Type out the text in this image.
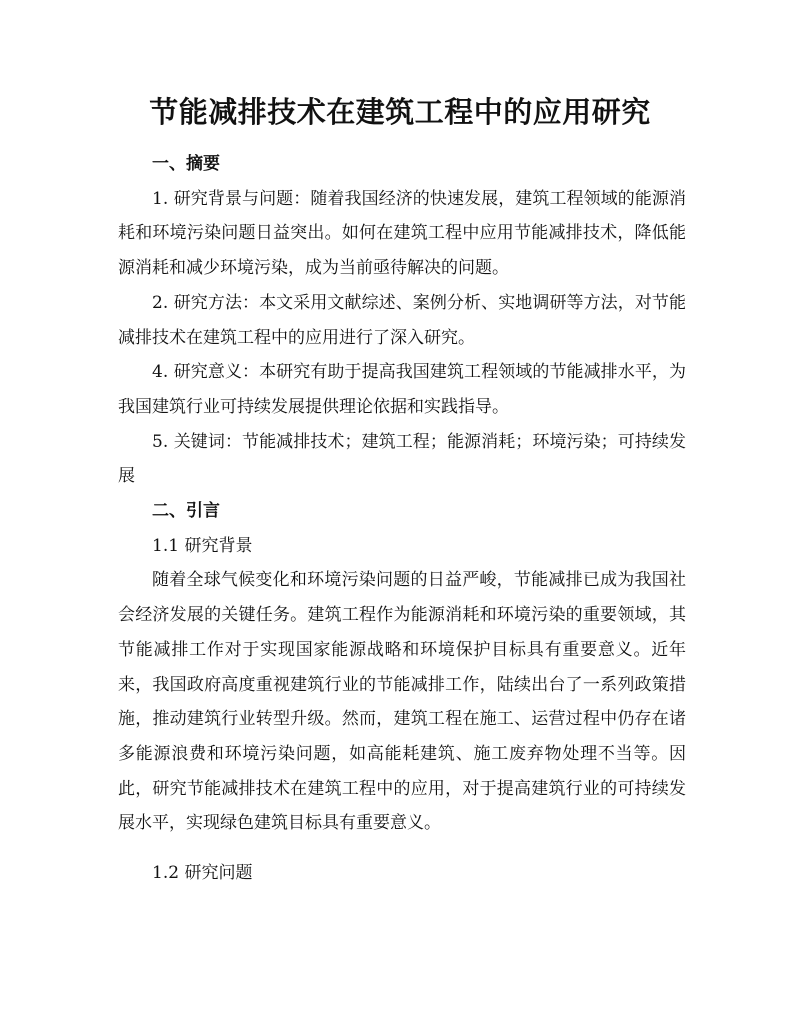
节能减排技术在建筑工程中的应用研究

一、摘要

1. 研究背景与问题：随着我国经济的快速发展，建筑工程领域的能源消耗和环境污染问题日益突出。如何在建筑工程中应用节能减排技术，降低能源消耗和减少环境污染，成为当前亟待解决的问题。

2. 研究方法：本文采用文献综述、案例分析、实地调研等方法，对节能减排技术在建筑工程中的应用进行了深入研究。

4. 研究意义：本研究有助于提高我国建筑工程领域的节能减排水平，为我国建筑行业可持续发展提供理论依据和实践指导。

5. 关键词：节能减排技术；建筑工程；能源消耗；环境污染；可持续发展

二、引言

1.1 研究背景

随着全球气候变化和环境污染问题的日益严峻，节能减排已成为我国社会经济发展的关键任务。建筑工程作为能源消耗和环境污染的重要领域，其节能减排工作对于实现国家能源战略和环境保护目标具有重要意义。近年来，我国政府高度重视建筑行业的节能减排工作，陆续出台了一系列政策措施，推动建筑行业转型升级。然而，建筑工程在施工、运营过程中仍存在诸多能源浪费和环境污染问题，如高能耗建筑、施工废弃物处理不当等。因此，研究节能减排技术在建筑工程中的应用，对于提高建筑行业的可持续发展水平，实现绿色建筑目标具有重要意义。

1.2 研究问题
